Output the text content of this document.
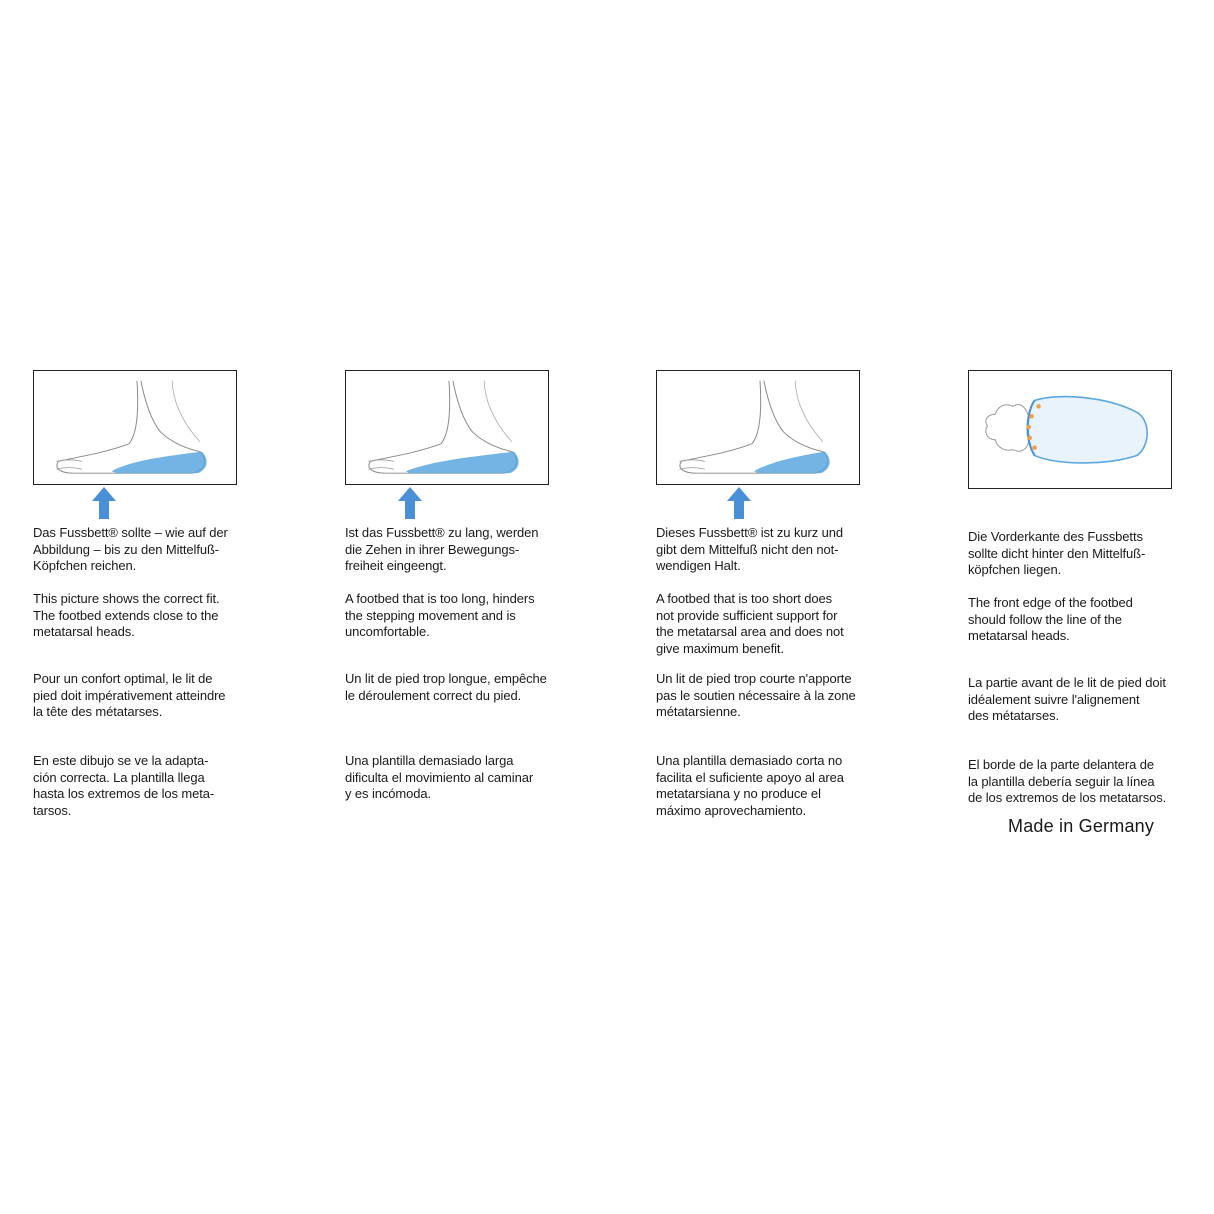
Das Fussbett® sollte – wie auf der
Abbildung – bis zu den Mittelfuß-
Köpfchen reichen.

This picture shows the correct fit.
The footbed extends close to the
metatarsal heads.

Pour un confort optimal, le lit de
pied doit impérativement atteindre
la tête des métatarses.

En este dibujo se ve la adapta-
ción correcta. La plantilla llega
hasta los extremos de los meta-
tarsos.

Ist das Fussbett® zu lang, werden
die Zehen in ihrer Bewegungs-
freiheit eingeengt.

A footbed that is too long, hinders
the stepping movement and is
uncomfortable.

Un lit de pied trop longue, empêche
le déroulement correct du pied.

Una plantilla demasiado larga
dificulta el movimiento al caminar
y es incómoda.

Dieses Fussbett® ist zu kurz und
gibt dem Mittelfuß nicht den not-
wendigen Halt.

A footbed that is too short does
not provide sufficient support for
the metatarsal area and does not
give maximum benefit.

Un lit de pied trop courte n'apporte
pas le soutien nécessaire à la zone
métatarsienne.

Una plantilla demasiado corta no
facilita el suficiente apoyo al area
metatarsiana y no produce el
máximo aprovechamiento.

Die Vorderkante des Fussbetts
sollte dicht hinter den Mittelfuß-
köpfchen liegen.

The front edge of the footbed
should follow the line of the
metatarsal heads.

La partie avant de le lit de pied doit
idéalement suivre l'alignement
des métatarses.

El borde de la parte delantera de
la plantilla debería seguir la línea
de los extremos de los metatarsos.

Made in Germany
